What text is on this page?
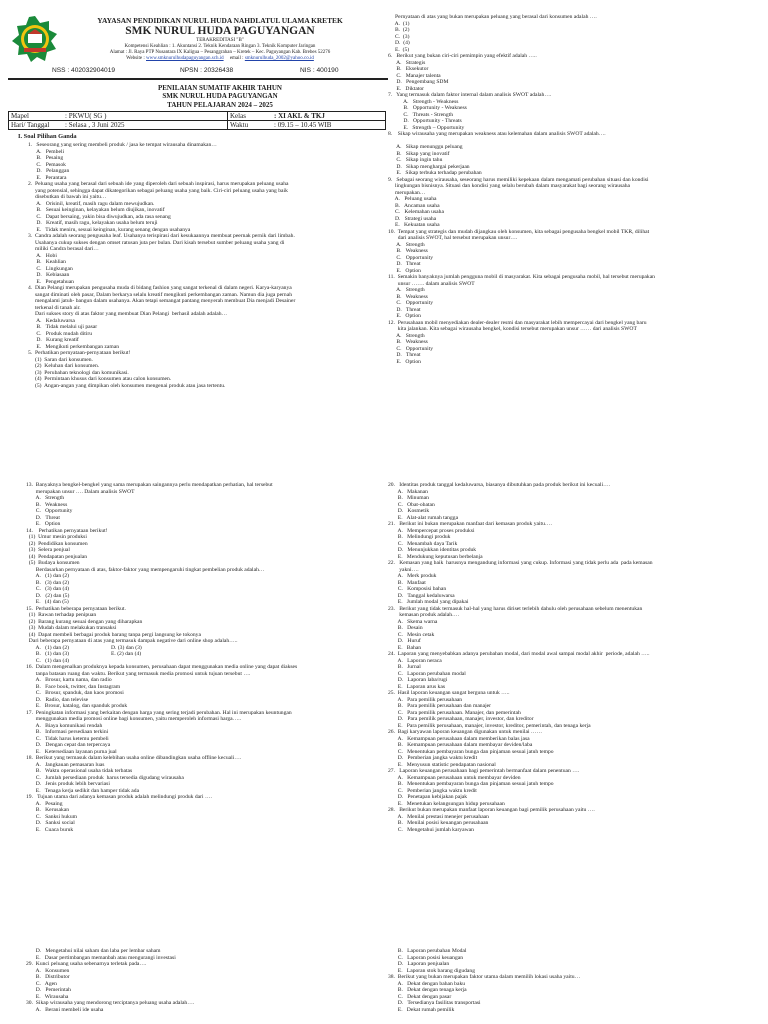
YAYASAN PENDIDIKAN NURUL HUDA NAHDLATUL ULAMA KRETEK
SMK NURUL HUDA PAGUYANGAN
TERAKREDITASI "B"
Kompetensi Keahlian : 1. Akuntansi 2. Teknik Kendaraan Ringan 3. Teknik Komputer Jaringan
Alamat : Jl. Raya PTP Nusantara IX Kaligua – Pesanggrahan – Kretek – Kec. Paguyangan Kab. Brebes 52276
Website : www.smknurulhudapaguyangan.sch.id email : smknurulhuda_2002@yahoo.co.id
NSS : 402032904019	NPSN : 20326438	NIS : 400190
PENILAIAN SUMATIF AKHIR TAHUN
SMK NURUL HUDA PAGUYANGAN
TAHUN PELAJARAN 2024 – 2025
Mapel	: PKWU( SG )	Kelas	: XI AKL & TKJ
Hari/ Tanggal	: Selasa , 3 Juni 2025	Waktu	: 09.15 – 10.45 WIB
I. Soal Pilihan Ganda
1.   Seseorang yang sering membeli produk / jasa ke tempat wirausaha dinamakan…
A.   Pembeli
B.   Pesaing
C.   Pemasok
D.   Pelanggan
E.   Perantara
2.  Peluang usaha yang berasal dari sebuah ide yang diperoleh dari sebuah inspirasi, harus merupakan peluang usaha
yang potensial, sehingga dapat dikategorikan sebagai peluang usaha yang baik. Ciri-ciri peluang usaha yang baik
disebutkan di bawah ini yaitu…
A.   Orisinil, kreatif, masih ragu dalam mewujudkan.
B.   Sesuai keinginan, kelayakan belum diujikan, inovatif
C.   Dapat bersaing, yakin bisa diwujudkan, ada rasa senang
D.   Kreatif, masih ragu, kelayakan usaha belum teruji
E.   Tidak meniru, sesuai keinginan, kurang senang dengan usahanya
3.  Candra adalah seorang pengusaha leaf. Usahanya terispirasi dari kesukaannya membuat peernak pernik dari limbah.
Usahanya cukup sukses dengan omset ratusan juta per bulan. Dari kisah tersebut sumber peluang usaha yang di
miliki Candra berasal dari…
A.   Hobi
B.   Keahlian
C.   Lingkungan
D.   Kebiasaan
E.   Pengetahuan
4.  Dian Pelangi merupakan pengusaha muda di bidang fashion yang sangat terkenal di dalam negeri. Karya-karyanya
sangat diminati oleh pasar, Dalam berkarya selalu kreatif mengikuti perkembangan zaman. Namun dia juga pernah
mengalami jatuh- bangun dalam usahanya. Akan tetapi semangat pantang menyerah membuat Dia menjadi Desainer
terkenal di tanah air.
Dari sukses story di atas faktor yang membuat Dian Pelangi  berhasil adalah adalah…
A.   Kedaluwarsa
B.   Tidak melalui uji pasar
C.   Produk mudah ditiru
D.   Kurang kreatif
E.   Mengikuti perkembangan zaman
5.  Perhatikan pernyataan-pernyataan berikut!
(1)  Saran dari konsumen.
(2)  Keluhan dari konsumen.
(3)  Perubahan teknologi dan komunikasi.
(4)  Permintaan khusus dari konsumen atau calon konsumen.
(5)  Angan-angan yang dimpikan oleh konsumen mengenai produk atau jasa tertentu.
Pernyataan di atas yang bukan merupakan peluang yang berasal dari konsumen adalah ….
A.  (1)
B.  (2)
C.  (3)
D.  (4)
E.  (5)
6.   Berikut yang bukan ciri-ciri pemimpin yang efektif adalah …..
A.   Strategis
B.   Eksekutor
C.   Manajer talenta
D.   Pengembang SDM
E.   Diktator
7.   Yang termasuk dalam faktor internal dalam analisis SWOT adalah….
A.   Strength - Weakness
B.   Opportunity - Weakness
C.   Threats - Strength
D.   Opportunity - Threats
E.   Strength – Opportunity
8.    Sikap wirausaha yang merupakan weakness atau kelemahan dalam analisis SWOT adalah….

A.   Sikap menunggu peluang
B.   Sikap yang inovatif
C.   Sikap ingin tahu
D.   Sikap menghargai pekerjaan
E.   Sikap terbuka terhadap perubahan
9.   Sebagai seorang wirausaha, seseorang harus memiliki kepekaan dalam mengamati perubahan situasi dan kondisi
lingkungan bisnisnya. Situasi dan kondisi yang selalu berubah dalam masyarakat bagi seorang wirausaha
merupakan…
A.   Peluang usaha
B.   Ancaman usaha
C.   Kelemahan usaha
D.   Strategi usaha
E.   Kekuatan usaha
10.  Tempat yang strategis dan mudah dijangkau oleh konsumen, kita sebagai pengusaha bengkel mobil TKR, dilihat
dari analisis SWOT, hal tersebut merupakan unsur….
A.   Strength
B.   Weakness
C.   Opportunity
D.   Threat
E.   Option
11.  Semakin banyaknya jumlah pengguna mobil di masyarakat. Kita sebagai pengusaha mobil, hal tersebut merupakan
unsur ……. dalam analisis SWOT
A.   Strength
B.   Weakness
C.   Opportunity
D.   Threat
E.   Option
12.  Perusahaan mobil menyediakan dealer-dealer resmi dan masyarakat lebih mempercayai dari bengkel yang baru
kita jalankan. Kita sebagai wirausaha bengkel, kondisi tersebut merupakan unsur …… dari analisis SWOT
A.   Strength
B.   Weakness
C.   Opportunity
D.   Threat
E.   Option
13.  Banyaknya bengkel-bengkel yang sama merupakan saingannya perlu mendapatkan perhatian, hal tersebut
merupakan unsur …. Dalam analisis SWOT
A.   Strength
B.   Weakness
C.   Opportunity
D.   Threat
E.   Option
14.    Perhatikan pernyataan berikut!
(1)  Umur mesin produksi
(2)  Pendidikan konsumen
(3)  Selera penjual
(4)  Pendapatan penjualan
(5)  Budaya konsumen
Berdasarkan pernyataan di atas, faktor-faktor yang mempengaruhi tingkat pembelian produk adalah…
A.   (1) dan (2)
B.   (3) dan (2)
C.   (3) dan (4)
D.   (2) dan (5)
E.   (4) dan (5)
15.  Perhatikan beberapa pernyataan berikut.
(1)  Rawan terhadap penipuan
(2)  Barang kurang sesuai dengan yang diharapkan
(3)  Mudah dalam melakukan transaksi
(4)  Dapat membeli berbagai produk barang tanpa pergi langsung ke tokonya
Dari beberapa pernyataan di atas yang termasuk dampak negative dari online shop adalah…..
A.   (1) dan (2)                              D. (3) dan (3)
B.   (1) dan (3)                              E. (2) dan (4)
C.   (1) dan (4)
16.  Dalam mengenalkan produknya kepada konsumen, perusahaan dapat menggunakan media online yang dapat diakses
tanpa batasan ruang dan waktu. Berikut yang termasuk media promosi untuk tujuan tersebut ….
A.   Brosur, kartu nama, dan radio
B.   Face book, twitter, dan Instagram
C.   Brosur, spanduk, dan kaos promosi
D.   Radio, dan televise
E.   Brosur, katalog, dan spanduk produk
17.  Peningkatan informasi yang berkaitan dengan harga yang sering terjadi perubahan. Hal ini merupakan keuntungan
menggunakan media promosi online bagi konsumen, yaitu memperoleh informasi harga…..
A.   Biaya komunikasi rendah
B.   Informasi persediaan terkini
C.   Tidak harus ketemu pembeli
D.   Dengan cepat dan terpercaya
E.   Ketersediaan layanan purna jual
18.  Berikut yang termasuk dalam kelebihan usaha online dibandingkan usaha offline kecuali….
A.   Jangkauan pemasaran luas
B.   Waktu operasional usaha tidak terbatas
C.   Jumlah persediaan produk  harus tersedia digudang wirausaha
D.   Jenis produk lebih bervariasi
E.   Tenaga kerja sedikit dan hamper tidak ada
19.   Tujuan utama dari adanya kemasan produk adalah melindungi produk dari ….
A.   Pesaing
B.   Kerusakan
C.   Sanksi hukum
D.   Sanksi social
E.   Cuaca buruk
20.   Identitas produk tanggal kedaluwarsa, biasanya dibutuhkan pada produk berikut ini kecuali….
A.   Makanan
B.   Minuman
C.   Obat-obatan
D.   Kosmetik
E.   Alat-alat rumah tangga
21.   Berikut ini bukan merupakan manfaat dari kemasan produk yaitu….
A.   Mempercepat proses produksi
B.   Melindungi produk
C.   Menambah daya Tarik
D.   Menunjukkan identitas produk
E.   Mendukung keputusan berbelanja
22.   Kemasan yang baik  harusnya mengandung informasi yang cukup. Informasi yang tidak perlu ada  pada kemasan
yakni….
A.   Merk produk
B.   Manfaat
C.   Komposisi bahan
D.   Tanggal kedaluwarsa
E.   Jumlah modal yang dipakai
23.   Berikut yang tidak termasuk hal-hal yang harus diriset terlebih dahulu oleh perusahaan sebelum menentukan
kemasan produk adalah….
A.   Skema warna
B.   Desain
C.   Mesin cetak
D.   Huruf
E.   Bahan
24.  Laporan yang menyebabkan adanya perubahan modal, dari modal awal sampai modal akhir  periode, adalah …..
A.   Laporan neraca
B.   Jurnal
C.   Laporan perubahan modal
D.   Laporan laba/rugi
E.   Laporan arus kas
25.  Hasil laporan keuangan sangat berguna untuk …..
A.   Para pemilik perusahaan
B.   Para pemilik perusahaan dan manajer
C.   Para pemilik perusahaan. Manajer, dan pemerintah
D.   Para pemilik perusahaan, manajer, investor, dan kreditor
E.   Para pemilik perusahaan, manajer, investor, kreditor, pemerintah, dan tenaga kerja
26.  Bagi karyawan laporan keuangan digunakan untuk menilai ……
A.   Kemampuan perusahaan dalam memberikan balas jasa
B.   Kemampuan perusahaan dalam membayar deviden/laba
C.   Menentukan pembayaran bunga dan pinjaman sesuai jatuh tempo
D.   Pemberian jangka waktu kredit
E.   Menyusun statistic pendapatan nasional
27.   Laporan keuangan perusahaan bagi pemerintah bermanfaat dalam penentuan ….
A.   Kemampuan perusahaan untuk membayar deviden
B.   Menentukan pembayaran bunga dan pinjaman sesuai jatuh tempo
C.   Pemberian jangka waktu kredit
D.   Penetapan kebijakan pajak
E.   Menetukan kelangsungan hidup perusahaan
28.   Berikut bukan merupakan manfaat laporan keuangan bagi pemilik perusahaan yaitu ….
A.   Menilai prestasi menejer perusahaan
B.   Menilai posisi keuangan perusahaan
C.   Mengetahui jumlah karyawan
D.   Mengetahui nilai saham dan laba per lembar saham
E.   Dasar pertimbangan memanbah atau mengurangi investasi
29.  Kunci peluang usaha sebenarnya terletak pada….
A.   Konsumen
B.   Distributor
C.   Agen
D.   Pemerintah
E.   Wirausaha
30.  Sikap wirausaha yang mendorong terciptanya peluang usaha adalah….
A.   Berani membeli ide usaha
B.   Laporan perubahan Modal
C.   Laporan posisi keuangan
D.   Laporan penjualan
E.   Laporan stok barang digudang
38.  Berikut yang bukan merupakan faktor utama dalam memilih lokasi usaha yaitu…
A.   Dekat dengan bahan baku
B.   Dekat dengan tenaga kerja
C.   Dekat dengan pasar
D.   Tersedianya fasilitas transportasi
E.   Dekat rumah pemilik
